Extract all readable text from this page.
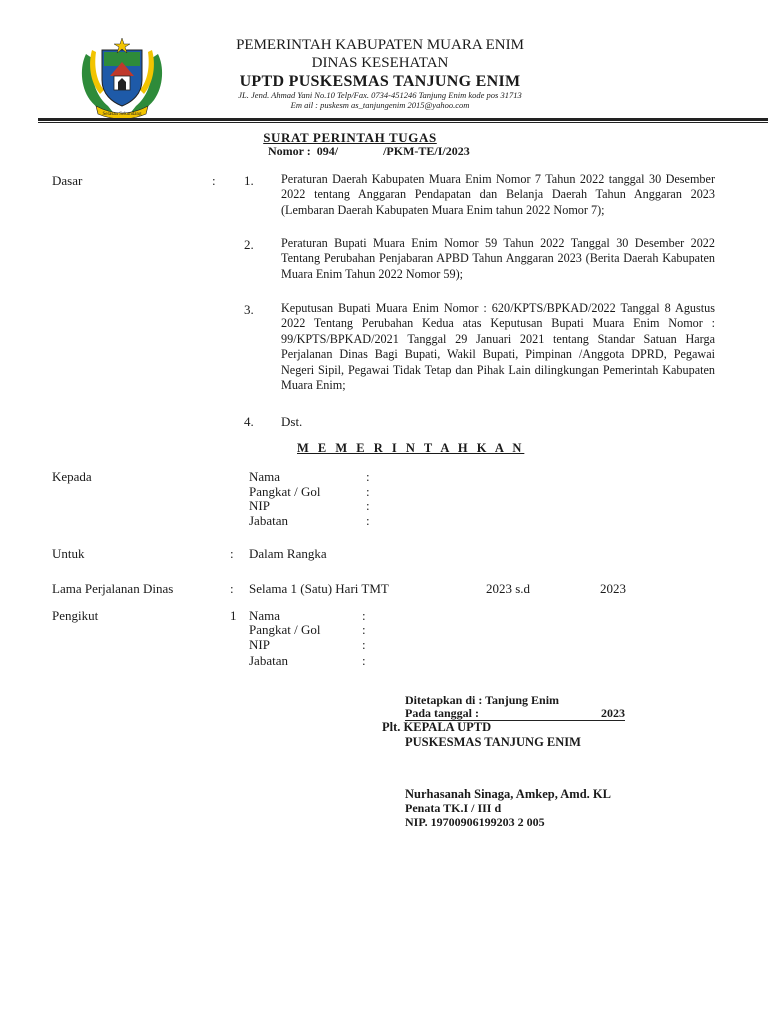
Serasan Sekundang
PEMERINTAH KABUPATEN MUARA ENIM
DINAS KESEHATAN
UPTD PUSKESMAS TANJUNG ENIM
JL. Jend. Ahmad Yani No.10 Telp/Fax. 0734-451246 Tanjung Enim kode pos 31713
Em ail : puskesm as_tanjungenim 2015@yahoo.com
SURAT PERINTAH TUGAS
Nomor :  094/               /PKM-TE/I/2023
Dasar	: 1. Peraturan Daerah Kabupaten Muara Enim Nomor 7 Tahun 2022 tanggal 30 Desember 2022 tentang Anggaran Pendapatan dan Belanja Daerah Tahun Anggaran 2023 (Lembaran Daerah Kabupaten Muara Enim tahun 2022 Nomor 7);
2. Peraturan Bupati Muara Enim Nomor 59 Tahun 2022 Tanggal 30 Desember 2022 Tentang Perubahan Penjabaran APBD Tahun Anggaran 2023 (Berita Daerah Kabupaten Muara Enim Tahun 2022 Nomor 59);
3. Keputusan Bupati Muara Enim Nomor : 620/KPTS/BPKAD/2022 Tanggal 8 Agustus 2022 Tentang Perubahan Kedua atas Keputusan Bupati Muara Enim Nomor : 99/KPTS/BPKAD/2021 Tanggal 29 Januari 2021 tentang Standar Satuan Harga Perjalanan Dinas Bagi Bupati, Wakil Bupati, Pimpinan /Anggota DPRD, Pegawai Negeri Sipil, Pegawai Tidak Tetap dan Pihak Lain dilingkungan Pemerintah Kabupaten Muara Enim;
4. Dst.
M E M E R I N T A H K A N
Kepada	Nama	:
Pangkat / Gol	:
NIP	:
Jabatan	:
Untuk	: Dalam Rangka
Lama Perjalanan Dinas	: Selama 1 (Satu) Hari TMT	2023 s.d	2023
Pengikut	1 Nama	:
Pangkat / Gol	:
NIP	:
Jabatan	:
Ditetapkan di : Tanjung Enim
Pada tanggal :	2023
Plt. KEPALA UPTD
PUSKESMAS TANJUNG ENIM
Nurhasanah Sinaga, Amkep, Amd. KL
Penata TK.I / III d
NIP. 19700906199203 2 005
